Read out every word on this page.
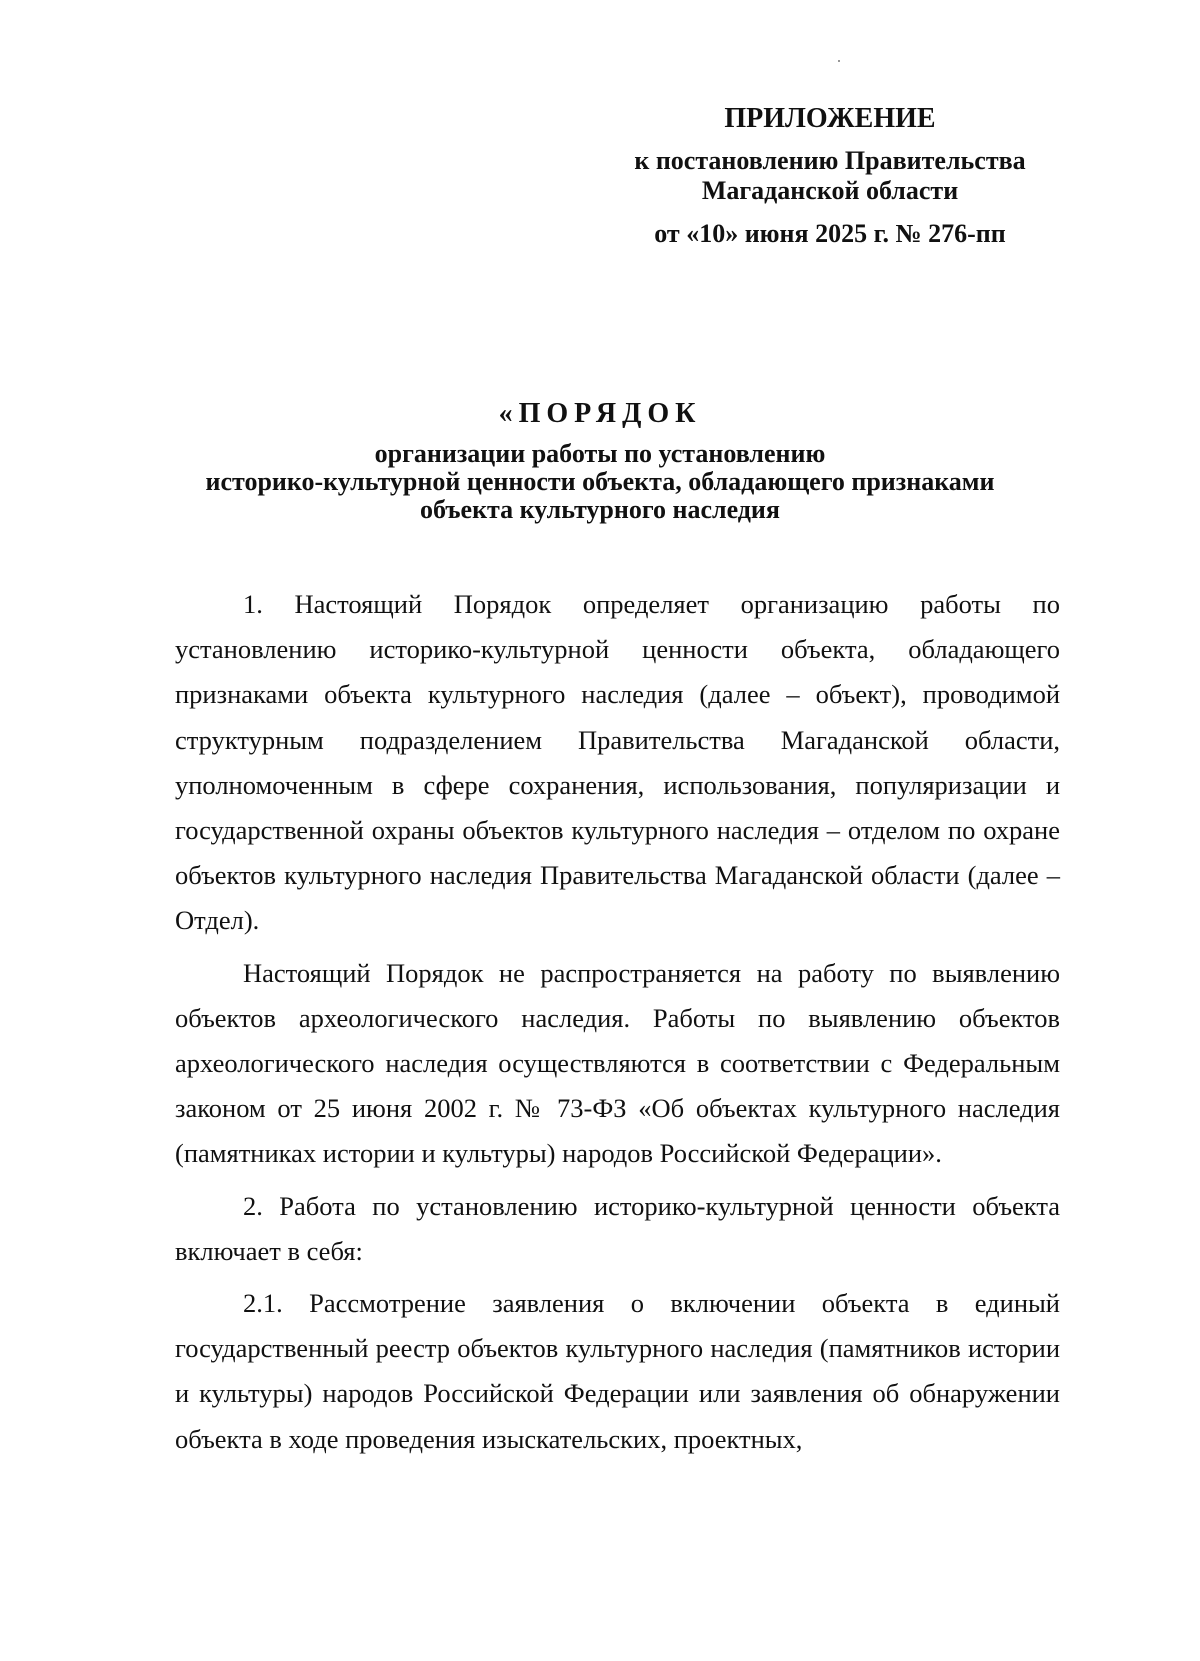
ПРИЛОЖЕНИЕ
к постановлению Правительства
Магаданской области
от «10» июня 2025 г. № 276-пп
«ПОРЯДОК
организации работы по установлению
историко-культурной ценности объекта, обладающего признаками
объекта культурного наследия

1. Настоящий Порядок определяет организацию работы по установлению историко-культурной ценности объекта, обладающего признаками объекта культурного наследия (далее – объект), проводимой структурным подразделением Правительства Магаданской области, уполномоченным в сфере сохранения, использования, популяризации и государственной охраны объектов культурного наследия – отделом по охране объектов культурного наследия Правительства Магаданской области (далее – Отдел).

Настоящий Порядок не распространяется на работу по выявлению объектов археологического наследия. Работы по выявлению объектов археологического наследия осуществляются в соответствии с Федеральным законом от 25 июня 2002 г. № 73-ФЗ «Об объектах культурного наследия (памятниках истории и культуры) народов Российской Федерации».

2. Работа по установлению историко-культурной ценности объекта включает в себя:

2.1. Рассмотрение заявления о включении объекта в единый государственный реестр объектов культурного наследия (памятников истории и культуры) народов Российской Федерации или заявления об обнаружении объекта в ходе проведения изыскательских, проектных,
